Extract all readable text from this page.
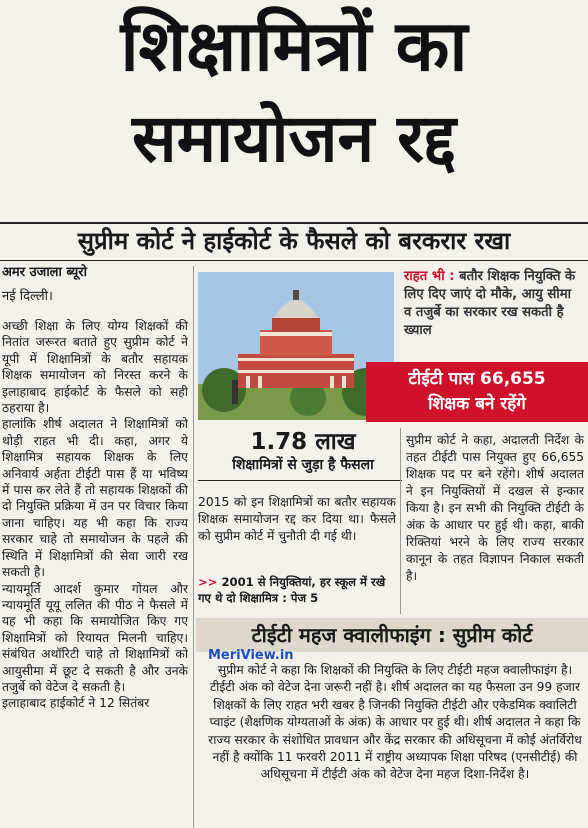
शिक्षामित्रों का
समायोजन रद्द
सुप्रीम कोर्ट ने हाईकोर्ट के फैसले को बरकरार रखा
अमर उजाला ब्यूरो
नई दिल्ली।

अच्छी शिक्षा के लिए योग्य शिक्षकों की नितांत जरूरत बताते हुए सुप्रीम कोर्ट ने यूपी में शिक्षामित्रों के बतौर सहायक शिक्षक समायोजन को निरस्त करने के इलाहाबाद हाईकोर्ट के फैसले को सही ठहराया है।

हालांकि शीर्ष अदालत ने शिक्षामित्रों को थोड़ी राहत भी दी। कहा, अगर ये शिक्षामित्र सहायक शिक्षक के लिए अनिवार्य अर्हता टीईटी पास हैं या भविष्य में पास कर लेते हैं तो सहायक शिक्षकों की दो नियुक्ति प्रक्रिया में उन पर विचार किया जाना चाहिए। यह भी कहा कि राज्य सरकार चाहे तो समायोजन के पहले की स्थिति में शिक्षामित्रों की सेवा जारी रख सकती है।

न्यायमूर्ति आदर्श कुमार गोयल और न्यायमूर्ति यूयू ललित की पीठ ने फैसले में यह भी कहा कि समायोजित किए गए शिक्षामित्रों को रियायत मिलनी चाहिए। संबंधित अथॉरिटी चाहे तो शिक्षामित्रों को आयुसीमा में छूट दे सकती है और उनके तजुर्बे को वेटेज दे सकती है।

इलाहाबाद हाईकोर्ट ने 12 सितंबर

राहत भी : बतौर शिक्षक नियुक्ति के लिए दिए जाएं दो मौके, आयु सीमा व तजुर्बे का सरकार रख सकती है ख्याल
टीईटी पास 66,655
शिक्षक बने रहेंगे
1.78 लाख
शिक्षामित्रों से जुड़ा है फैसला
2015 को इन शिक्षामित्रों का बतौर सहायक शिक्षक समायोजन रद्द कर दिया था। फैसले को सुप्रीम कोर्ट में चुनौती दी गई थी।
>> 2001 से नियुक्तियां, हर स्कूल में रखे गए थे दो शिक्षामित्र : पेज 5
सुप्रीम कोर्ट ने कहा, अदालती निर्देश के तहत टीईटी पास नियुक्त हुए 66,655 शिक्षक पद पर बने रहेंगे। शीर्ष अदालत ने इन नियुक्तियों में दखल से इन्कार किया है। इन सभी की नियुक्ति टीईटी के अंक के आधार पर हुई थी। कहा, बाकी रिक्तियां भरने के लिए राज्य सरकार कानून के तहत विज्ञापन निकाल सकती है।
टीईटी महज क्वालीफाइंग : सुप्रीम कोर्ट
MeriView.in
सुप्रीम कोर्ट ने कहा कि शिक्षकों की नियुक्ति के लिए टीईटी महज क्वालीफाइंग है। टीईटी अंक को वेटेज देना जरूरी नहीं है। शीर्ष अदालत का यह फैसला उन 99 हजार शिक्षकों के लिए राहत भरी खबर है जिनकी नियुक्ति टीईटी और एकेडमिक क्वालिटी प्वाइंट (शैक्षणिक योग्यताओं के अंक) के आधार पर हुई थी। शीर्ष अदालत ने कहा कि राज्य सरकार के संशोधित प्रावधान और केंद्र सरकार की अधिसूचना में कोई अंतर्विरोध नहीं है क्योंकि 11 फरवरी 2011 में राष्ट्रीय अध्यापक शिक्षा परिषद (एनसीटीई) की अधिसूचना में टीईटी अंक को वेटेज देना महज दिशा-निर्देश है।
